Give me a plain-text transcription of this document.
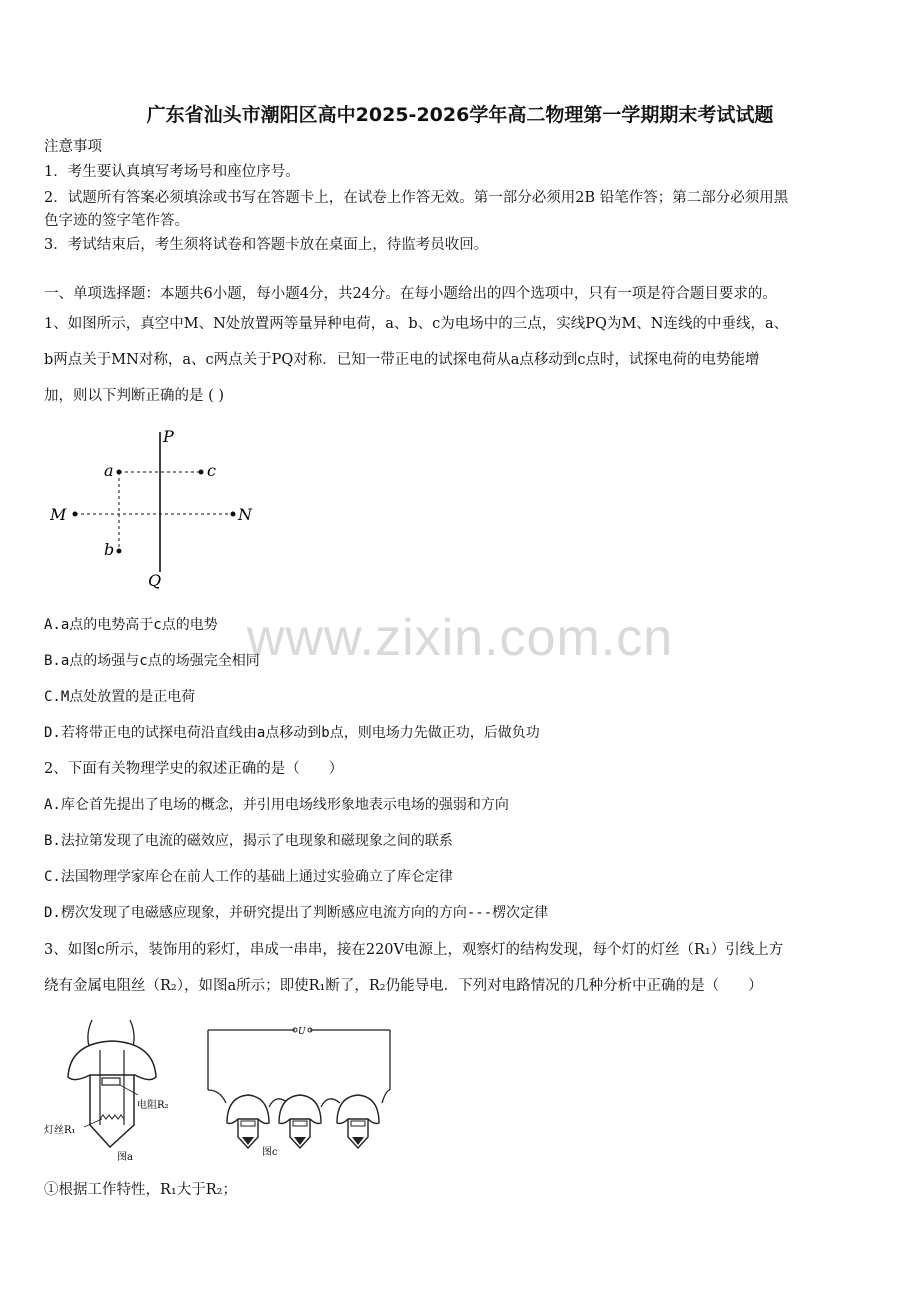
广东省汕头市潮阳区高中2025-2026学年高二物理第一学期期末考试试题
注意事项
1．考生要认真填写考场号和座位序号。
2．试题所有答案必须填涂或书写在答题卡上，在试卷上作答无效。第一部分必须用2B 铅笔作答；第二部分必须用黑
色字迹的签字笔作答。
3．考试结束后，考生须将试卷和答题卡放在桌面上，待监考员收回。
一、单项选择题：本题共6小题，每小题4分，共24分。在每小题给出的四个选项中，只有一项是符合题目要求的。
1、如图所示，真空中M、N处放置两等量异种电荷，a、b、c为电场中的三点，实线PQ为M、N连线的中垂线，a、
b两点关于MN对称，a、c两点关于PQ对称．已知一带正电的试探电荷从a点移动到c点时，试探电荷的电势能增
加，则以下判断正确的是 ( )
P
Q
M	N
a	c
b
www.zixin.com.cn
A.a点的电势高于c点的电势
B.a点的场强与c点的场强完全相同
C.M点处放置的是正电荷
D.若将带正电的试探电荷沿直线由a点移动到b点，则电场力先做正功，后做负功
2、下面有关物理学史的叙述正确的是（　　）
A.库仑首先提出了电场的概念，并引用电场线形象地表示电场的强弱和方向
B.法拉第发现了电流的磁效应，揭示了电现象和磁现象之间的联系
C.法国物理学家库仑在前人工作的基础上通过实验确立了库仑定律
D.楞次发现了电磁感应现象，并研究提出了判断感应电流方向的方向---楞次定律
3、如图c所示，装饰用的彩灯，串成一串串，接在220V电源上，观察灯的结构发现，每个灯的灯丝（R₁）引线上方
绕有金属电阻丝（R₂），如图a所示；即使R₁断了，R₂仍能导电．下列对电路情况的几种分析中正确的是（　　）
电阻R₂
灯丝R₁
图a
U
图c
①根据工作特性，R₁大于R₂；
